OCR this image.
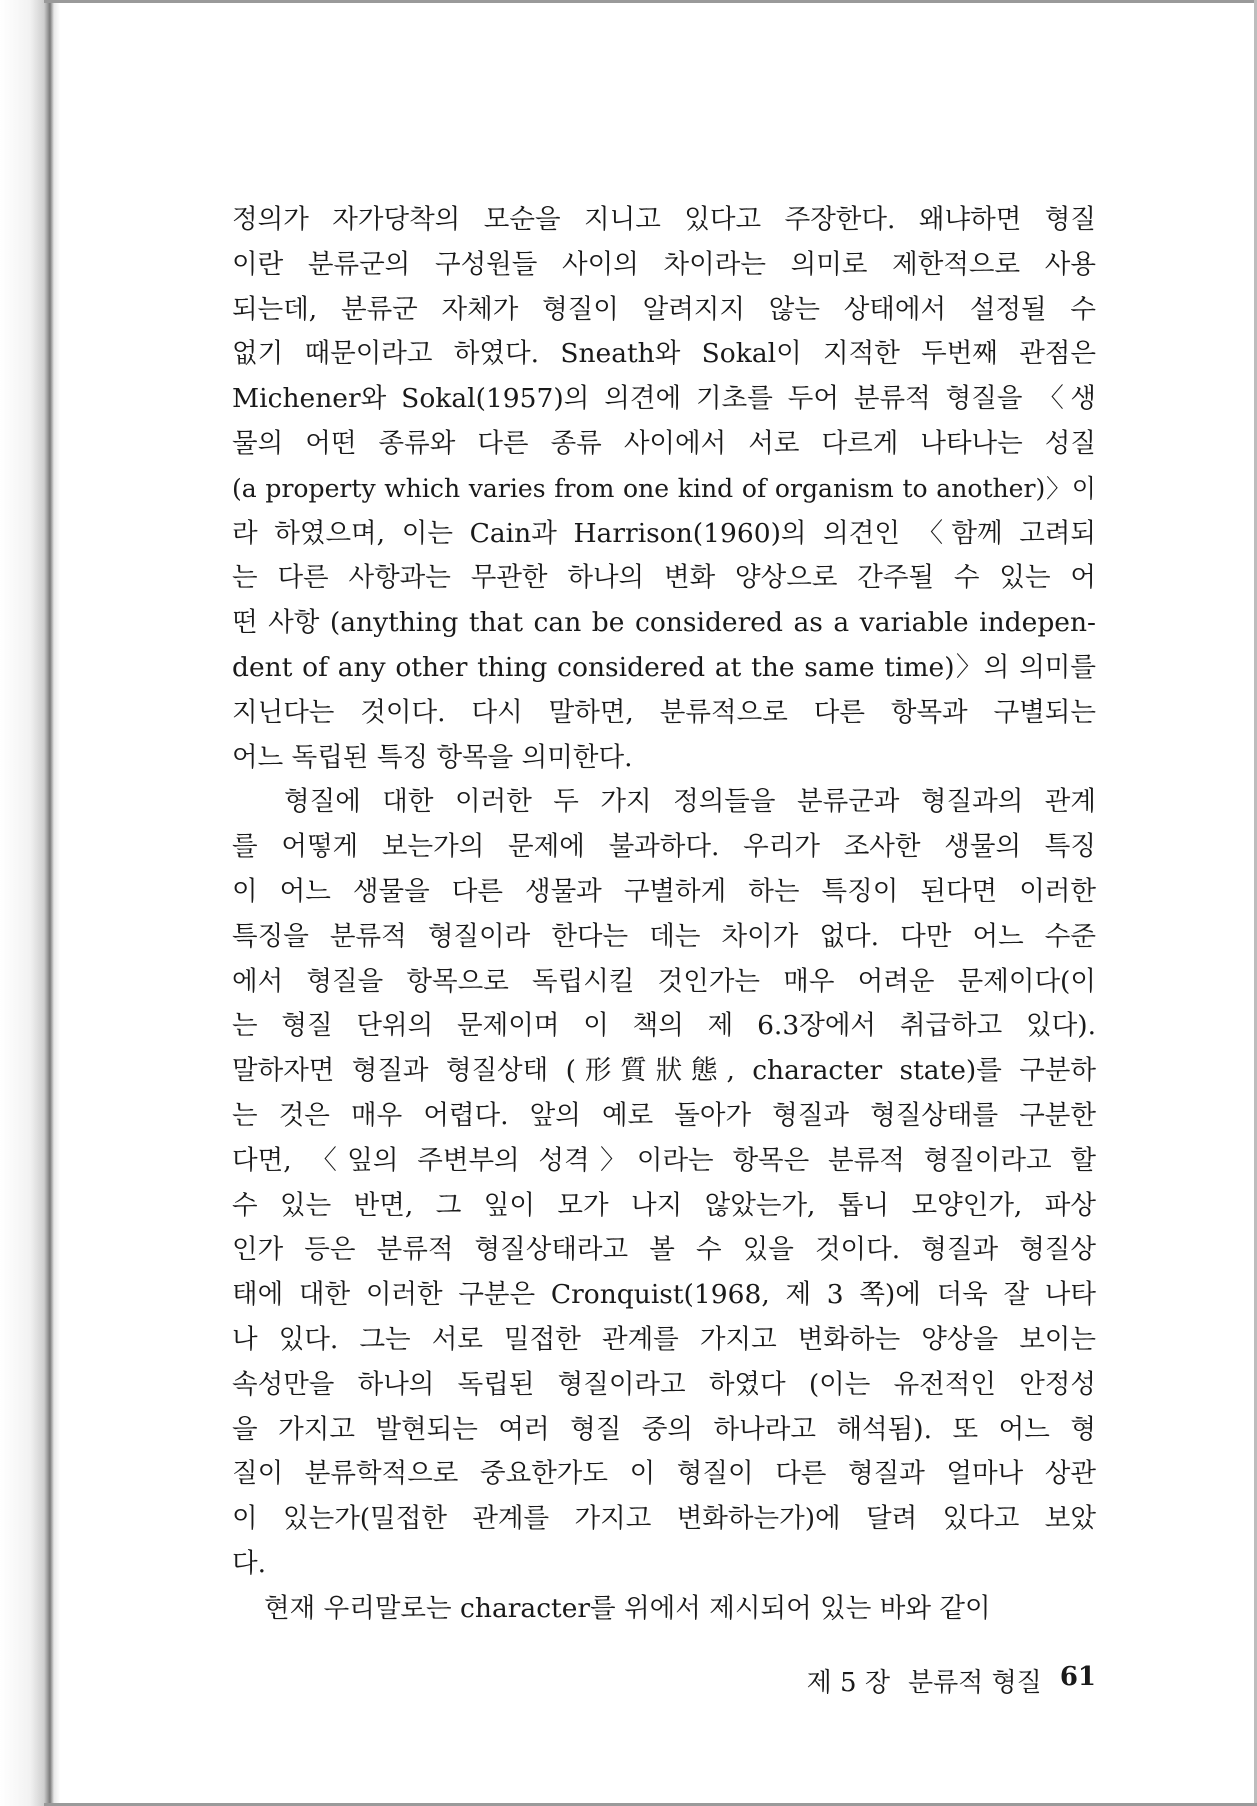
정의가 자가당착의 모순을 지니고 있다고 주장한다. 왜냐하면 형질
이란 분류군의 구성원들 사이의 차이라는 의미로 제한적으로 사용
되는데, 분류군 자체가 형질이 알려지지 않는 상태에서 설정될 수
없기 때문이라고 하였다. Sneath와 Sokal이 지적한 두번째 관점은
Michener와 Sokal(1957)의 의견에 기초를 두어 분류적 형질을 〈생
물의 어떤 종류와 다른 종류 사이에서 서로 다르게 나타나는 성질
(a property which varies from one kind of organism to another)〉이
라 하였으며, 이는 Cain과 Harrison(1960)의 의견인 〈함께 고려되
는 다른 사항과는 무관한 하나의 변화 양상으로 간주될 수 있는 어
떤 사항 (anything that can be considered as a variable indepen-
dent of any other thing considered at the same time)〉의 의미를
지닌다는 것이다. 다시 말하면, 분류적으로 다른 항목과 구별되는
어느 독립된 특징 항목을 의미한다.
형질에 대한 이러한 두 가지 정의들을 분류군과 형질과의 관계
를 어떻게 보는가의 문제에 불과하다. 우리가 조사한 생물의 특징
이 어느 생물을 다른 생물과 구별하게 하는 특징이 된다면 이러한
특징을 분류적 형질이라 한다는 데는 차이가 없다. 다만 어느 수준
에서 형질을 항목으로 독립시킬 것인가는 매우 어려운 문제이다(이
는 형질 단위의 문제이며 이 책의 제 6.3장에서 취급하고 있다).
말하자면 형질과 형질상태 (形質狀態, character state)를 구분하
는 것은 매우 어렵다. 앞의 예로 돌아가 형질과 형질상태를 구분한
다면, 〈잎의 주변부의 성격〉이라는 항목은 분류적 형질이라고 할
수 있는 반면, 그 잎이 모가 나지 않았는가, 톱니 모양인가, 파상
인가 등은 분류적 형질상태라고 볼 수 있을 것이다. 형질과 형질상
태에 대한 이러한 구분은 Cronquist(1968, 제 3 쪽)에 더욱 잘 나타
나 있다. 그는 서로 밀접한 관계를 가지고 변화하는 양상을 보이는
속성만을 하나의 독립된 형질이라고 하였다 (이는 유전적인 안정성
을 가지고 발현되는 여러 형질 중의 하나라고 해석됨). 또 어느 형
질이 분류학적으로 중요한가도 이 형질이 다른 형질과 얼마나 상관
이 있는가(밀접한 관계를 가지고 변화하는가)에 달려 있다고 보았
다.
현재 우리말로는 character를 위에서 제시되어 있는 바와 같이
제 5 장 분류적 형질 61
